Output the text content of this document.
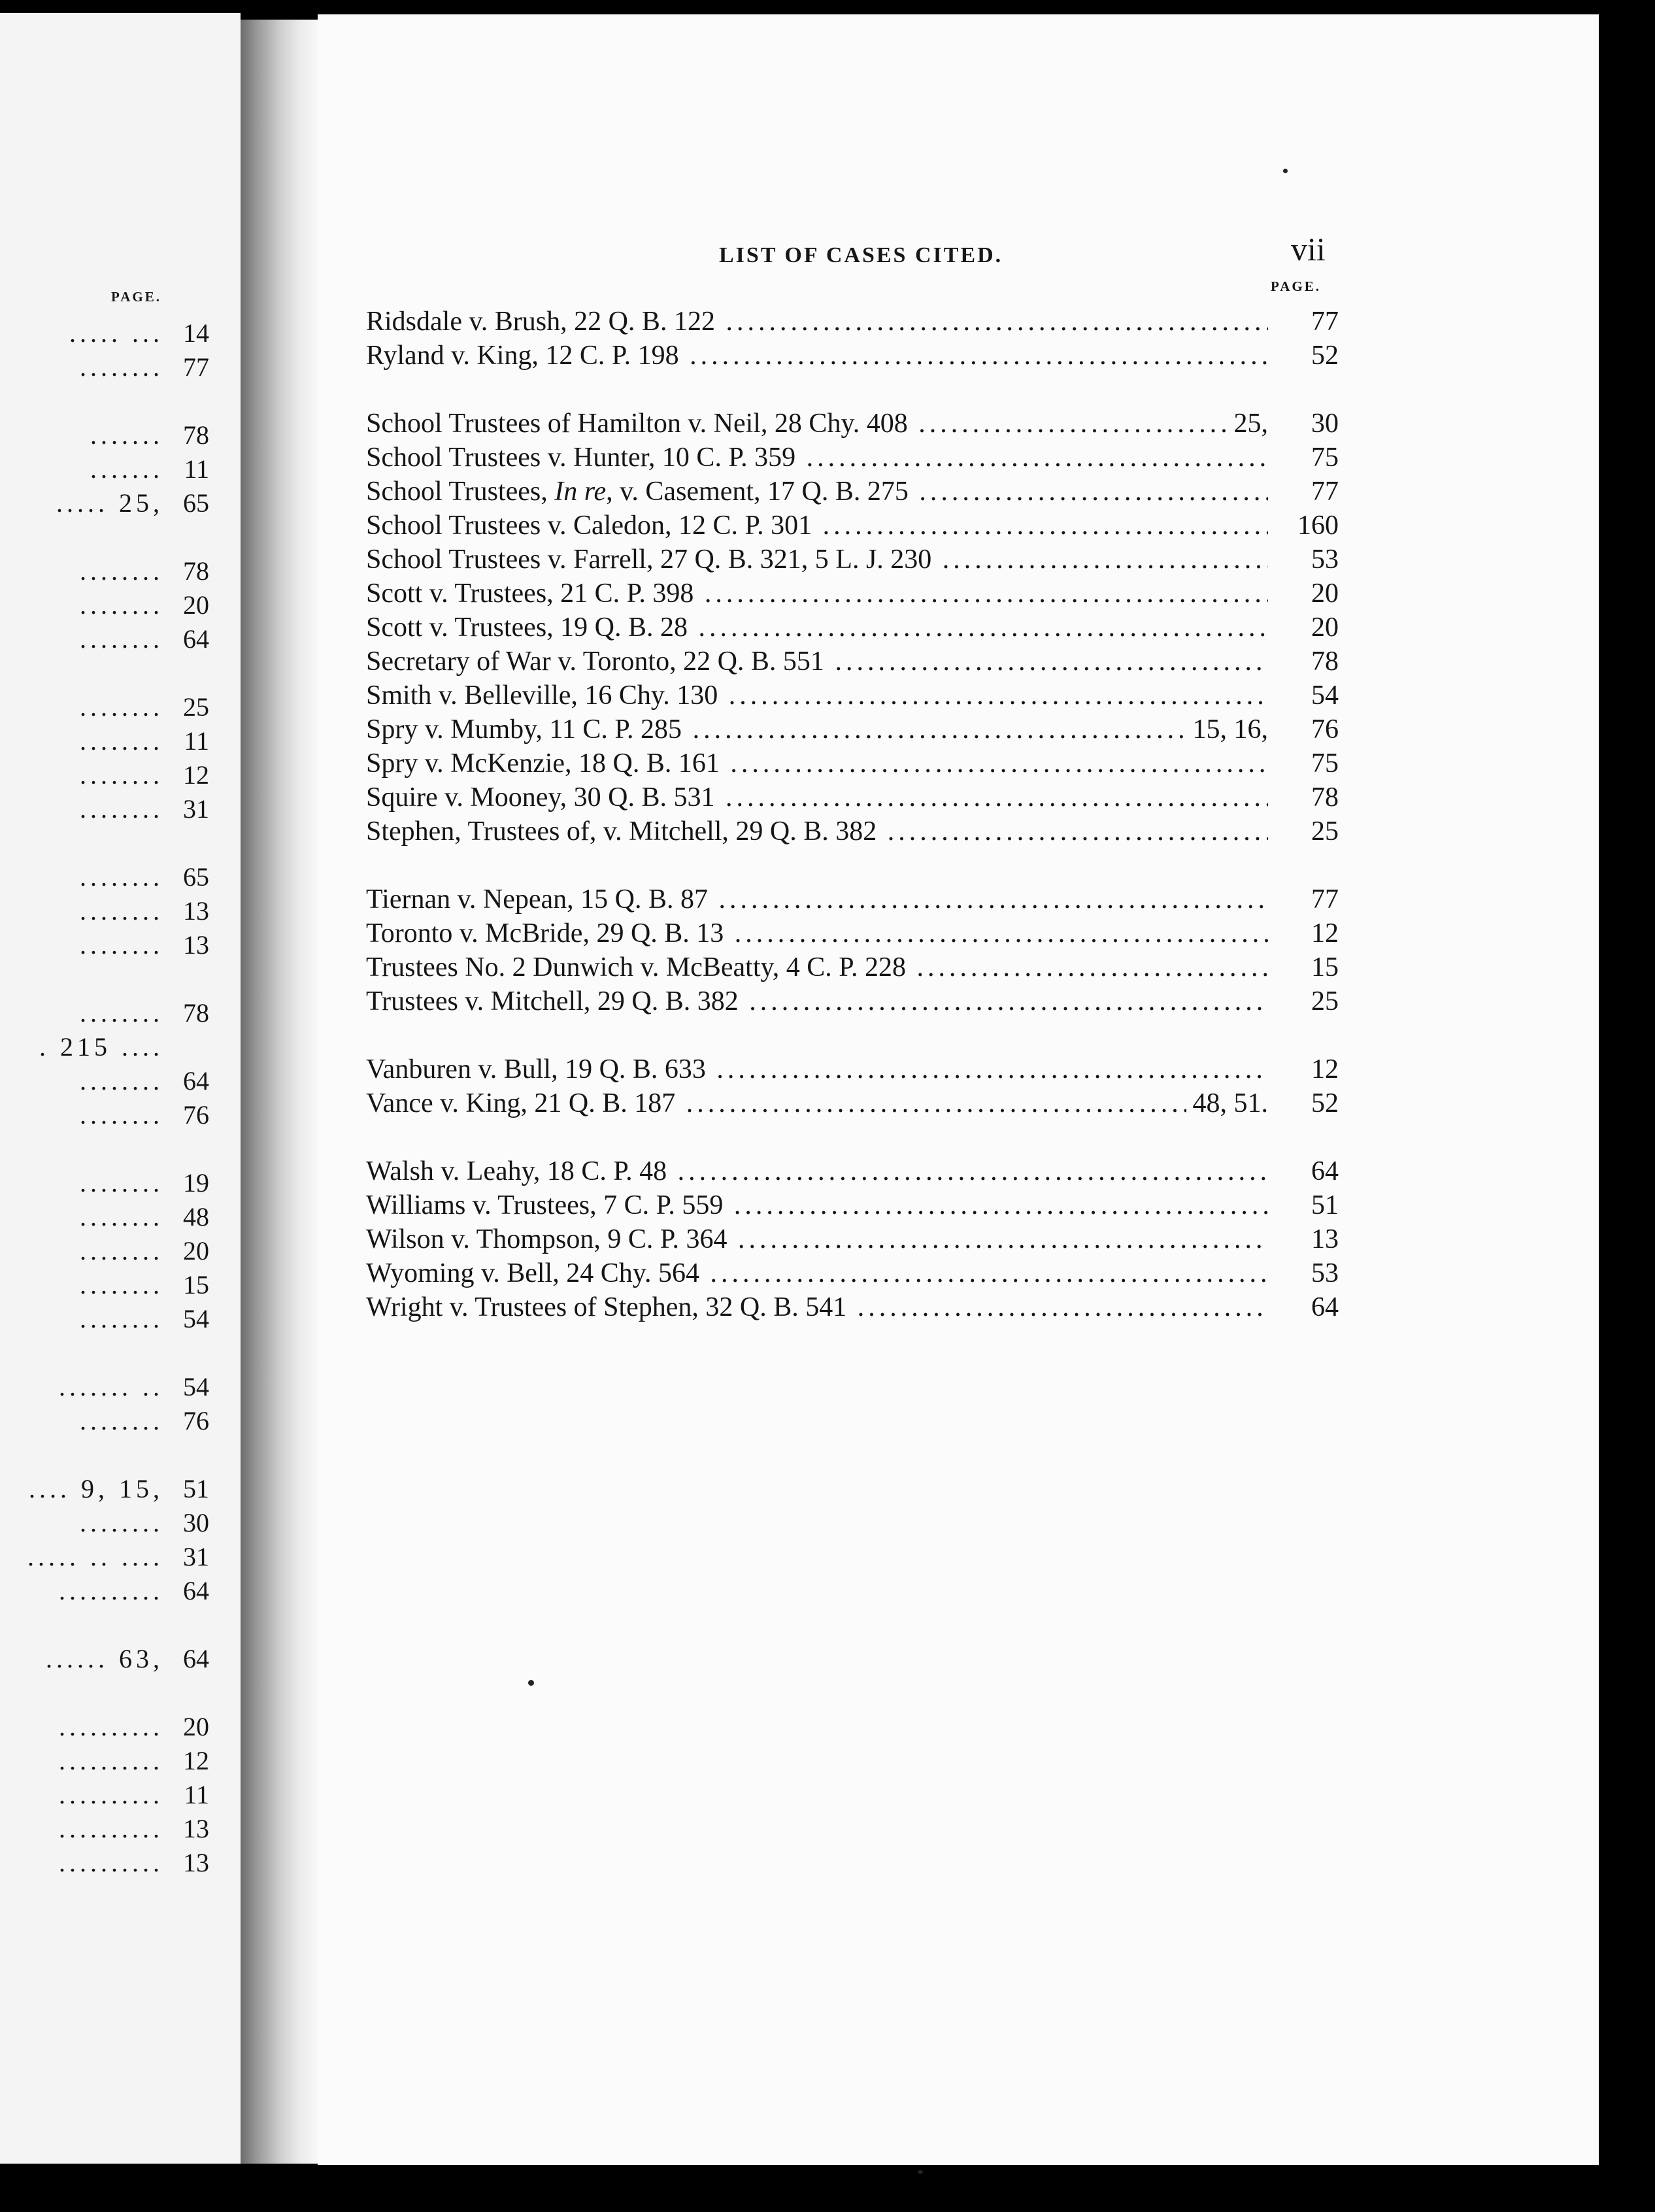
PAGE.
..... ... 14
........ 77
....... 78
....... 11
..... 25, 65
........ 78
........ 20
........ 64
........ 25
........ 11
........ 12
........ 31
........ 65
........ 13
........ 13
........ 78
. 215 ....
........ 64
........ 76
........ 19
........ 48
........ 20
........ 15
........ 54
....... .. 54
........ 76
.... 9, 15, 51
........ 30
..... .. .... 31
.......... 64
...... 63, 64
.......... 20
.......... 12
.......... 11
.......... 13
.......... 13
LIST OF CASES CITED.	vii
PAGE.
Ridsdale v. Brush, 22 Q. B. 122 .....	77
Ryland v. King, 12 C. P. 198 .....	52
School Trustees of Hamilton v. Neil, 28 Chy. 408 .....	25,	30
School Trustees v. Hunter, 10 C. P. 359 .....	75
School Trustees, In re, v. Casement, 17 Q. B. 275 .....	77
School Trustees v. Caledon, 12 C. P. 301 .....	160
School Trustees v. Farrell, 27 Q. B. 321, 5 L. J. 230 .....	53
Scott v. Trustees, 21 C. P. 398 .....	20
Scott v. Trustees, 19 Q. B. 28 .....	20
Secretary of War v. Toronto, 22 Q. B. 551 .....	78
Smith v. Belleville, 16 Chy. 130 .....	54
Spry v. Mumby, 11 C. P. 285 .....	15, 16,	76
Spry v. McKenzie, 18 Q. B. 161 .....	75
Squire v. Mooney, 30 Q. B. 531 .....	78
Stephen, Trustees of, v. Mitchell, 29 Q. B. 382 .....	25
Tiernan v. Nepean, 15 Q. B. 87 .....	77
Toronto v. McBride, 29 Q. B. 13 .....	12
Trustees No. 2 Dunwich v. McBeatty, 4 C. P. 228 .....	15
Trustees v. Mitchell, 29 Q. B. 382 .....	25
Vanburen v. Bull, 19 Q. B. 633 .....	12
Vance v. King, 21 Q. B. 187 .....	48, 51.	52
Walsh v. Leahy, 18 C. P. 48 .....	64
Williams v. Trustees, 7 C. P. 559 .....	51
Wilson v. Thompson, 9 C. P. 364 .....	13
Wyoming v. Bell, 24 Chy. 564 .....	53
Wright v. Trustees of Stephen, 32 Q. B. 541 .....	64
